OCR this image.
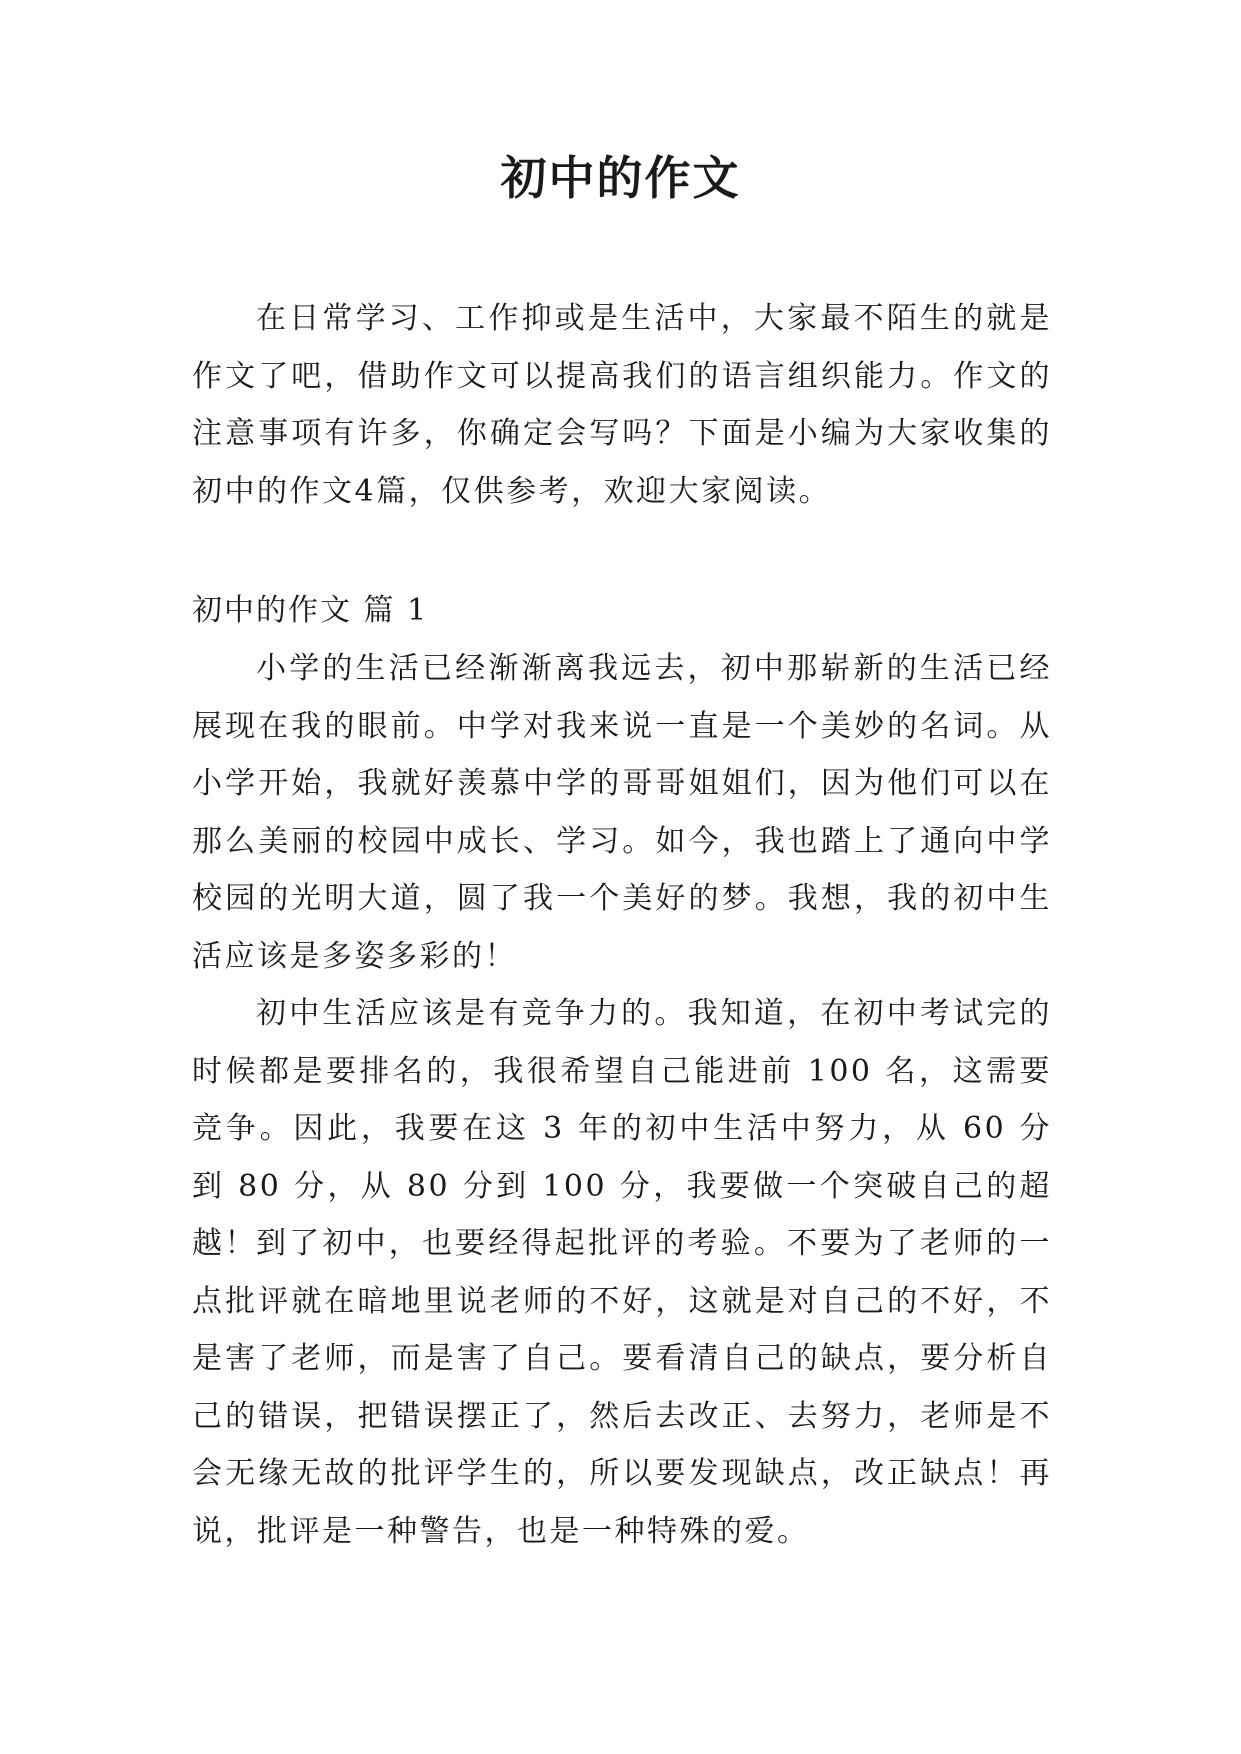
初中的作文

在日常学习、工作抑或是生活中，大家最不陌生的就是作文了吧，借助作文可以提高我们的语言组织能力。作文的注意事项有许多，你确定会写吗？下面是小编为大家收集的初中的作文4篇，仅供参考，欢迎大家阅读。

初中的作文 篇 1

小学的生活已经渐渐离我远去，初中那崭新的生活已经展现在我的眼前。中学对我来说一直是一个美妙的名词。从小学开始，我就好羡慕中学的哥哥姐姐们，因为他们可以在那么美丽的校园中成长、学习。如今，我也踏上了通向中学校园的光明大道，圆了我一个美好的梦。我想，我的初中生活应该是多姿多彩的！

初中生活应该是有竞争力的。我知道，在初中考试完的时候都是要排名的，我很希望自己能进前 100 名，这需要竞争。因此，我要在这 3 年的初中生活中努力，从 60 分到 80 分，从 80 分到 100 分，我要做一个突破自己的超越！ 到了初中，也要经得起批评的考验。不要为了老师的一点批评就在暗地里说老师的不好，这就是对自己的不好，不是害了老师，而是害了自己。要看清自己的缺点，要分析自己的错误，把错误摆正了，然后去改正、去努力，老师是不会无缘无故的批评学生的，所以要发现缺点，改正缺点！再说，批评是一种警告，也是一种特殊的爱。
